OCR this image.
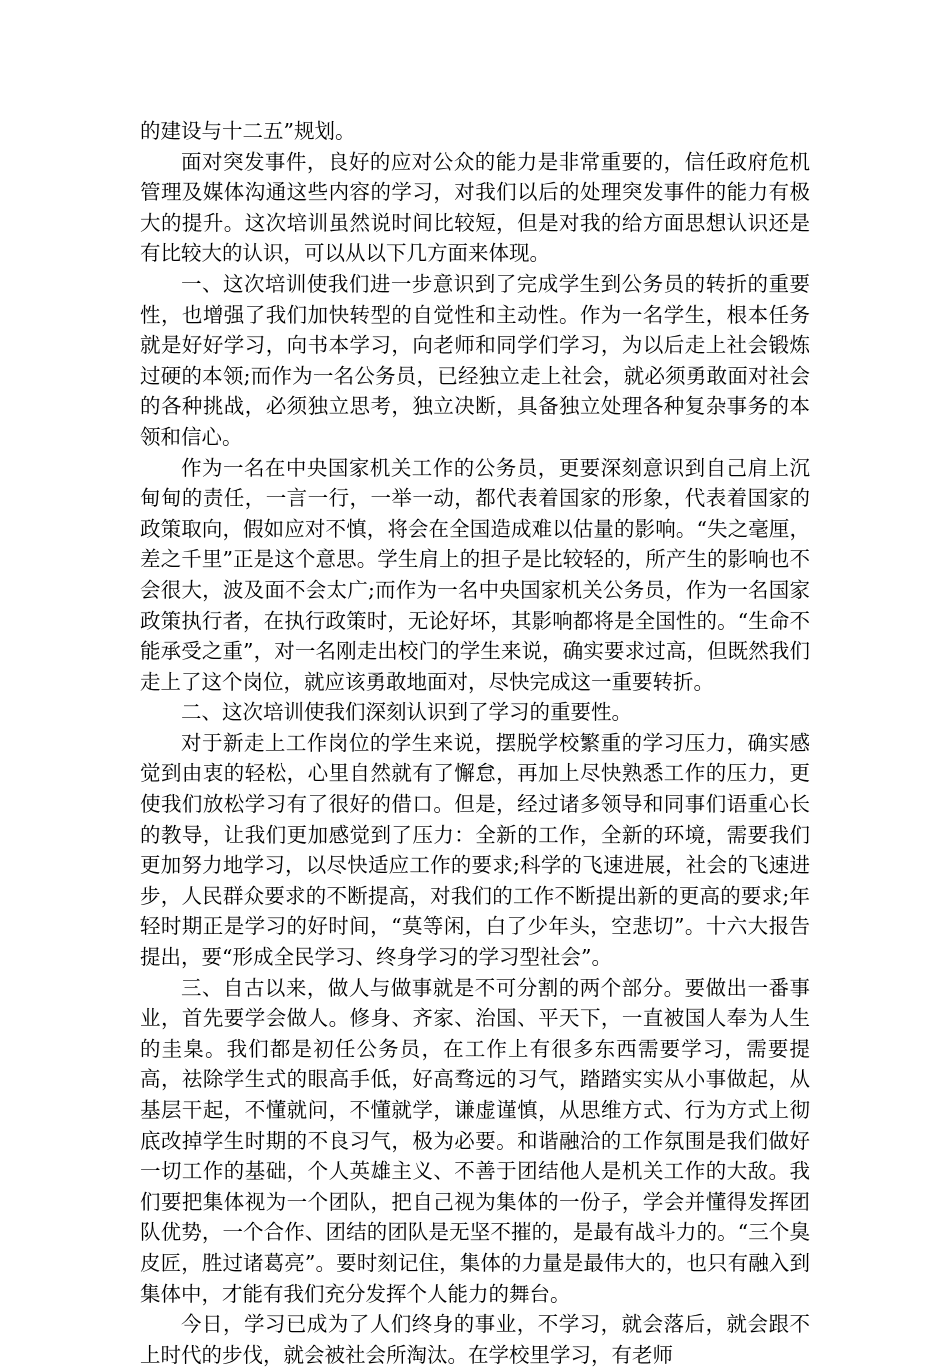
的建设与十二五”规划。

面对突发事件，良好的应对公众的能力是非常重要的，信任政府危机管理及媒体沟通这些内容的学习，对我们以后的处理突发事件的能力有极大的提升。这次培训虽然说时间比较短，但是对我的给方面思想认识还是有比较大的认识，可以从以下几方面来体现。

一、这次培训使我们进一步意识到了完成学生到公务员的转折的重要性，也增强了我们加快转型的自觉性和主动性。作为一名学生，根本任务就是好好学习，向书本学习，向老师和同学们学习，为以后走上社会锻炼过硬的本领;而作为一名公务员，已经独立走上社会，就必须勇敢面对社会的各种挑战，必须独立思考，独立决断，具备独立处理各种复杂事务的本领和信心。

作为一名在中央国家机关工作的公务员，更要深刻意识到自己肩上沉甸甸的责任，一言一行，一举一动，都代表着国家的形象，代表着国家的政策取向，假如应对不慎，将会在全国造成难以估量的影响。“失之毫厘，差之千里”正是这个意思。学生肩上的担子是比较轻的，所产生的影响也不会很大，波及面不会太广;而作为一名中央国家机关公务员，作为一名国家政策执行者，在执行政策时，无论好坏，其影响都将是全国性的。“生命不能承受之重”，对一名刚走出校门的学生来说，确实要求过高，但既然我们走上了这个岗位，就应该勇敢地面对，尽快完成这一重要转折。

二、这次培训使我们深刻认识到了学习的重要性。

对于新走上工作岗位的学生来说，摆脱学校繁重的学习压力，确实感觉到由衷的轻松，心里自然就有了懈怠，再加上尽快熟悉工作的压力，更使我们放松学习有了很好的借口。但是，经过诸多领导和同事们语重心长的教导，让我们更加感觉到了压力：全新的工作，全新的环境，需要我们更加努力地学习，以尽快适应工作的要求;科学的飞速进展，社会的飞速进步，人民群众要求的不断提高，对我们的工作不断提出新的更高的要求;年轻时期正是学习的好时间，“莫等闲，白了少年头，空悲切”。十六大报告提出，要“形成全民学习、终身学习的学习型社会”。

三、自古以来，做人与做事就是不可分割的两个部分。要做出一番事业，首先要学会做人。修身、齐家、治国、平天下，一直被国人奉为人生的圭臬。我们都是初任公务员，在工作上有很多东西需要学习，需要提高，祛除学生式的眼高手低，好高骛远的习气，踏踏实实从小事做起，从基层干起，不懂就问，不懂就学，谦虚谨慎，从思维方式、行为方式上彻底改掉学生时期的不良习气，极为必要。和谐融洽的工作氛围是我们做好一切工作的基础，个人英雄主义、不善于团结他人是机关工作的大敌。我们要把集体视为一个团队，把自己视为集体的一份子，学会并懂得发挥团队优势，一个合作、团结的团队是无坚不摧的，是最有战斗力的。“三个臭皮匠，胜过诸葛亮”。要时刻记住，集体的力量是最伟大的，也只有融入到集体中，才能有我们充分发挥个人能力的舞台。

今日，学习已成为了人们终身的事业，不学习，就会落后，就会跟不上时代的步伐，就会被社会所淘汰。在学校里学习，有老师
